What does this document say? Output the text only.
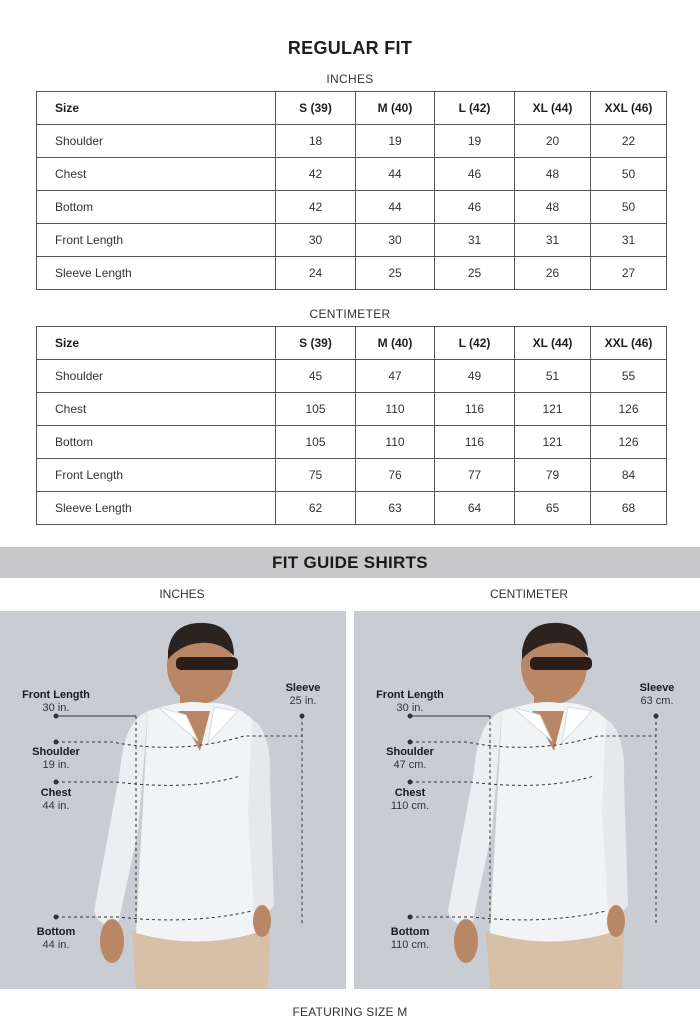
REGULAR FIT
INCHES
Size	S (39)	M (40)	L (42)	XL (44)	XXL (46)
Shoulder	18	19	19	20	22
Chest	42	44	46	48	50
Bottom	42	44	46	48	50
Front Length	30	30	31	31	31
Sleeve Length	24	25	25	26	27
CENTIMETER
Size	S (39)	M (40)	L (42)	XL (44)	XXL (46)
Shoulder	45	47	49	51	55
Chest	105	110	116	121	126
Bottom	105	110	116	121	126
Front Length	75	76	77	79	84
Sleeve Length	62	63	64	65	68
FIT GUIDE SHIRTS
INCHES	CENTIMETER
Front Length
30 in.
Shoulder
19 in.
Chest
44 in.
Bottom
44 in.
Sleeve
25 in.	Front Length
30 in.
Shoulder
47 cm.
Chest
110 cm.
Bottom
110 cm.
Sleeve
63 cm.
FEATURING SIZE M
